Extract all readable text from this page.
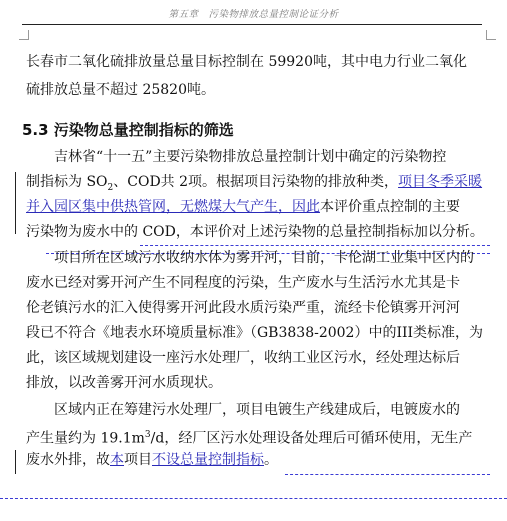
第五章　污染物排放总量控制论证分析
长春市二氧化硫排放量总量目标控制在 59920吨，其中电力行业二氧化
硫排放总量不超过 25820吨。
5.3 污染物总量控制指标的筛选
吉林省“十一五”主要污染物排放总量控制计划中确定的污染物控
制指标为 $SO_2$、COD共 2项。根据项目污染物的排放种类，项目冬季采暖
并入园区集中供热管网，无燃煤大气产生，因此本评价重点控制的主要
污染物为废水中的 COD，本评价对上述污染物的总量控制指标加以分析。
项目所在区域污水收纳水体为雾开河，目前，卡伦湖工业集中区内的
废水已经对雾开河产生不同程度的污染，生产废水与生活污水尤其是卡
伦老镇污水的汇入使得雾开河此段水质污染严重，流经卡伦镇雾开河河
段已不符合《地表水环境质量标准》（GB3838-2002）中的III类标准，为
此，该区域规划建设一座污水处理厂，收纳工业区污水，经处理达标后
排放，以改善雾开河水质现状。
区域内正在筹建污水处理厂，项目电镀生产线建成后，电镀废水的
产生量约为 $19.1m^3/d$，经厂区污水处理设备处理后可循环使用，无生产
废水外排，故本项目不设总量控制指标。
